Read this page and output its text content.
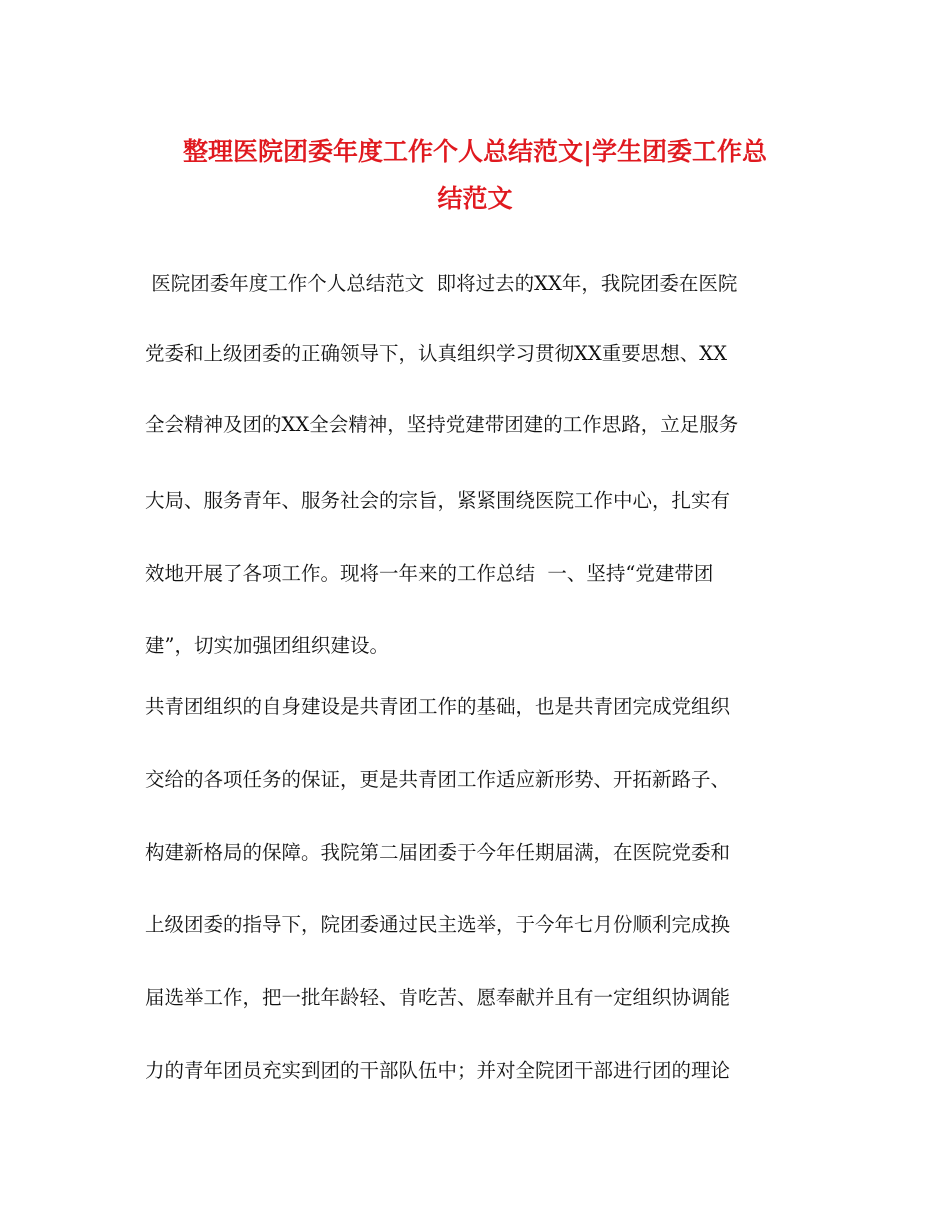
整理医院团委年度工作个人总结范文|学生团委工作总
结范文
医院团委年度工作个人总结范文  即将过去的XX年，我院团委在医院
党委和上级团委的正确领导下，认真组织学习贯彻XX重要思想、XX
全会精神及团的XX全会精神，坚持党建带团建的工作思路，立足服务
大局、服务青年、服务社会的宗旨，紧紧围绕医院工作中心，扎实有
效地开展了各项工作。现将一年来的工作总结  一、坚持“党建带团
建”，切实加强团组织建设。
共青团组织的自身建设是共青团工作的基础，也是共青团完成党组织
交给的各项任务的保证，更是共青团工作适应新形势、开拓新路子、
构建新格局的保障。我院第二届团委于今年任期届满，在医院党委和
上级团委的指导下，院团委通过民主选举，于今年七月份顺利完成换
届选举工作，把一批年龄轻、肯吃苦、愿奉献并且有一定组织协调能
力的青年团员充实到团的干部队伍中；并对全院团干部进行团的理论
